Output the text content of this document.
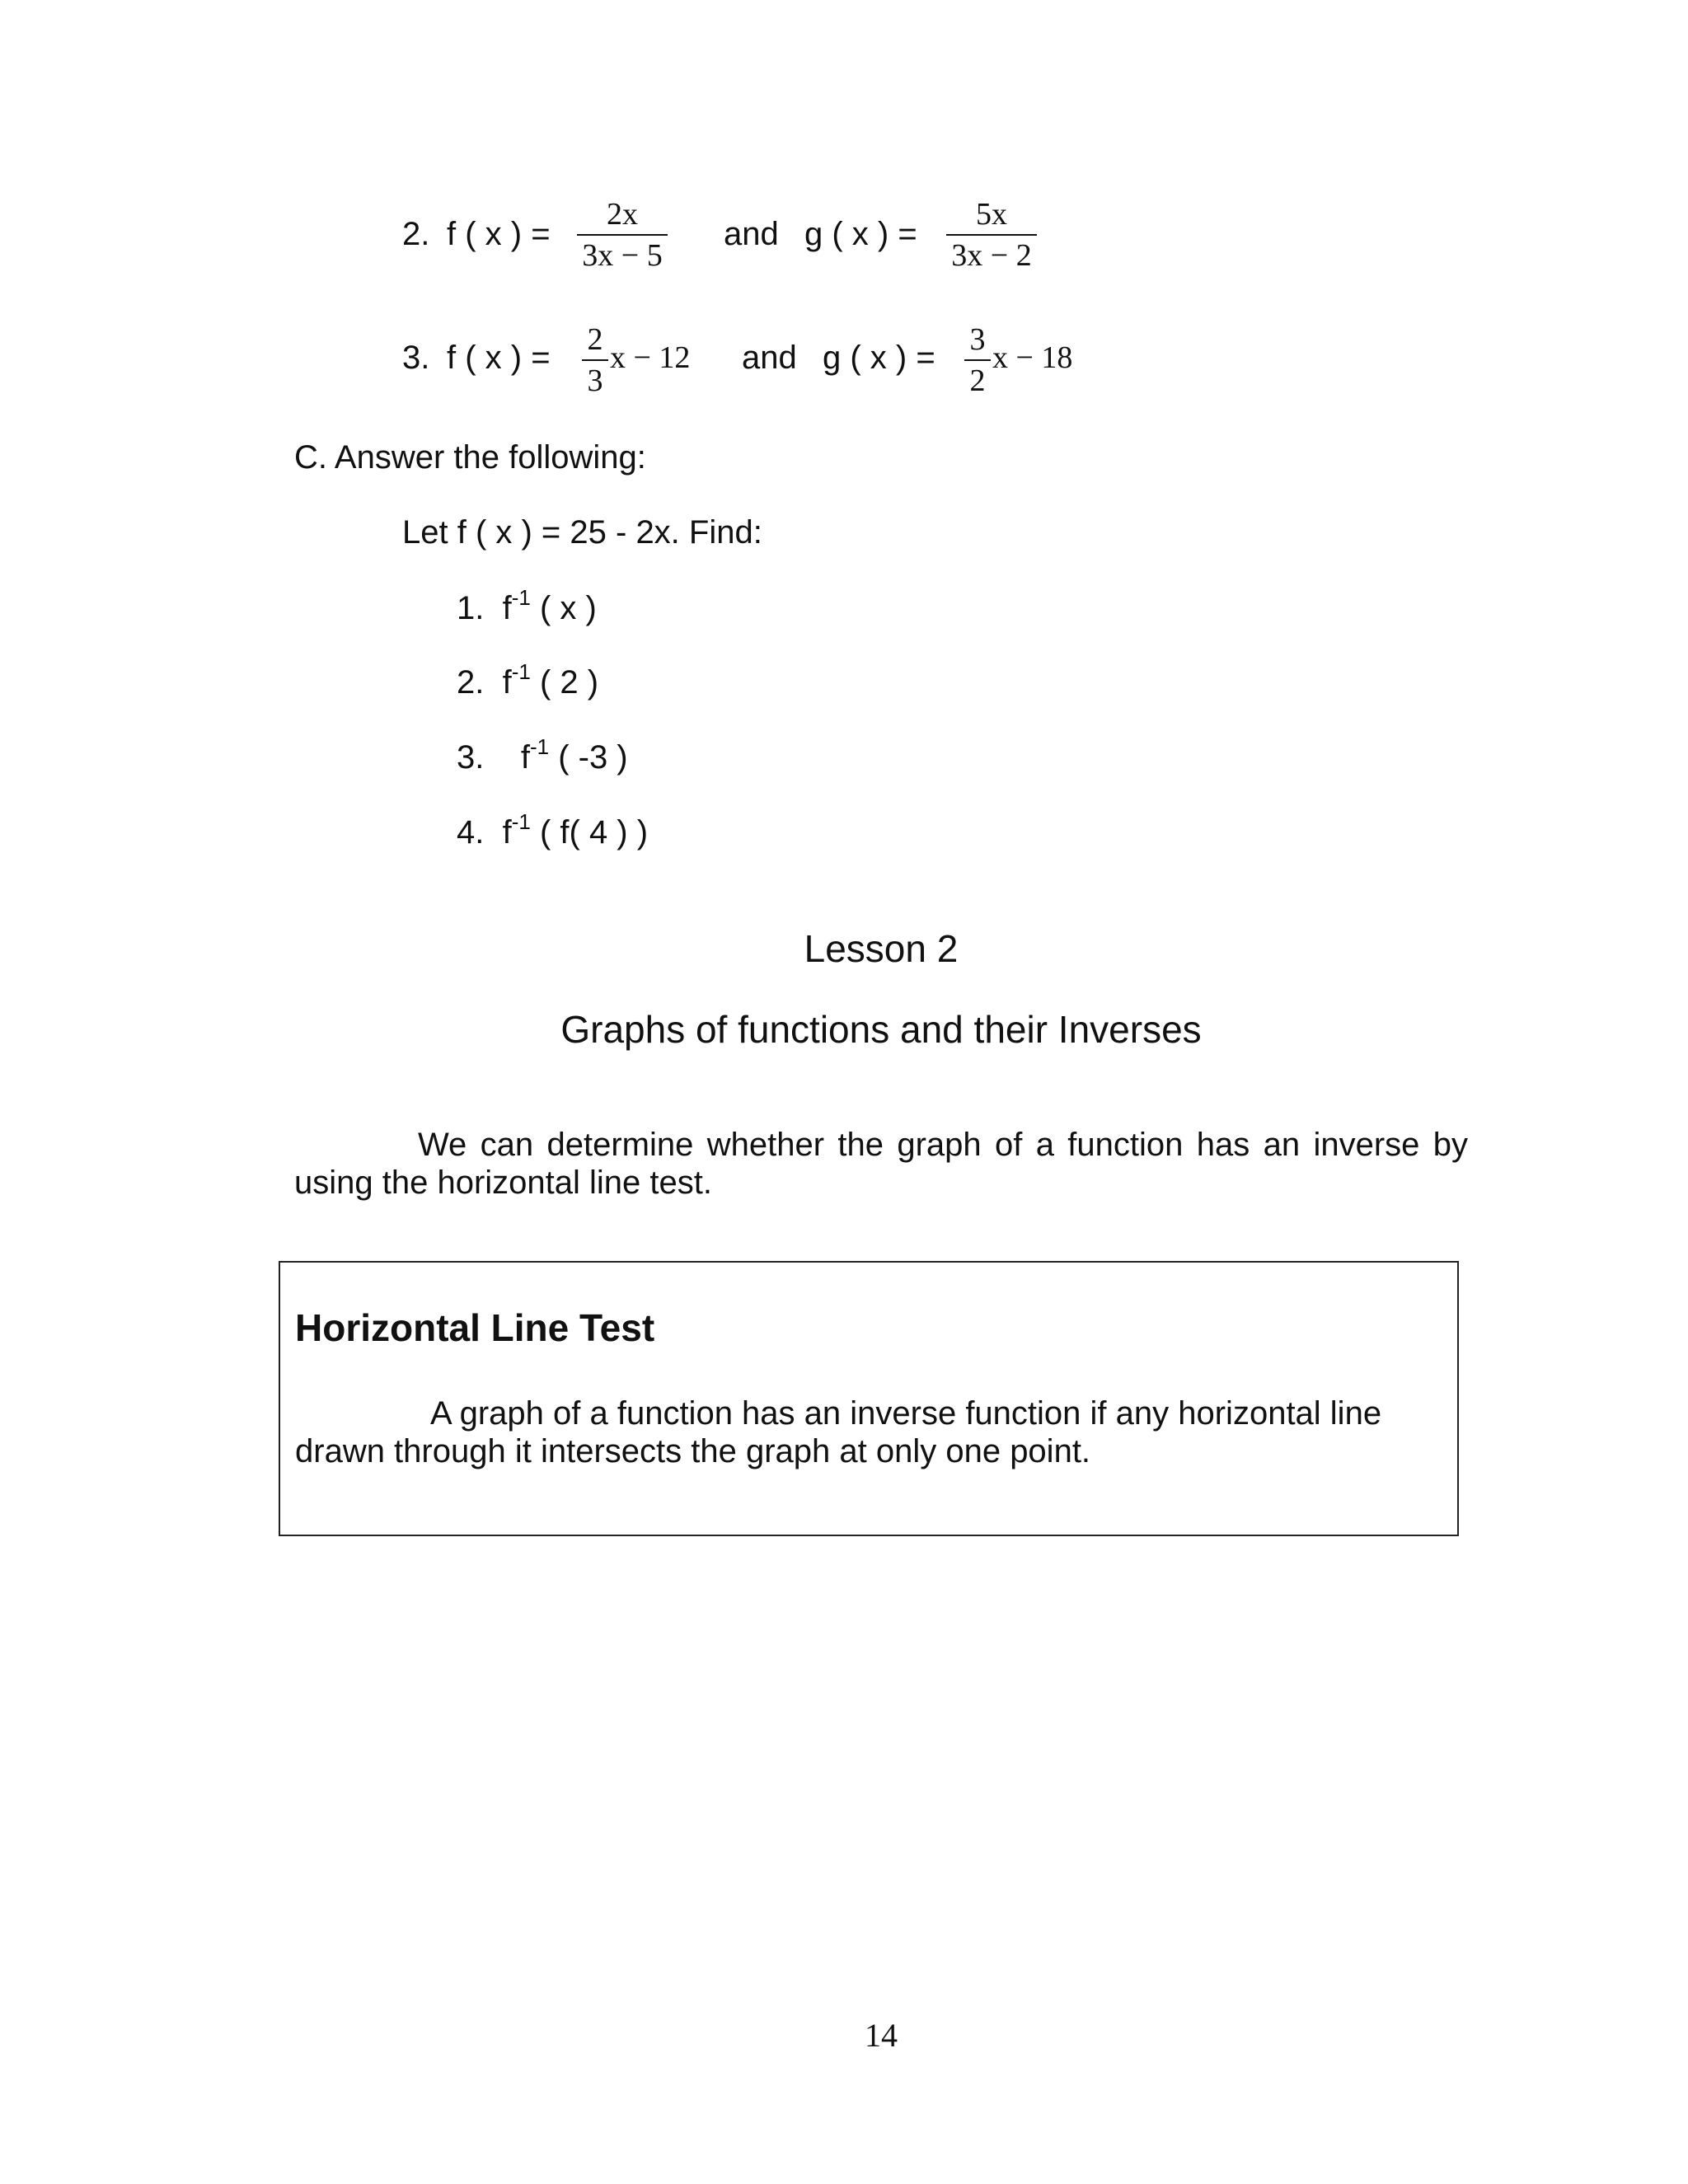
2. f ( x ) =
2x
3x − 5
and g ( x ) =
5x
3x − 2
3. f ( x ) = 2
3
x − 12 and g ( x ) = 3
2
x − 18
C. Answer the following:
Let f ( x ) = 25 - 2x. Find:
1. $f^{-1}$ ( x )
2. $f^{-1}$ ( 2 )
3. $f^{-1}$ ( -3 )
4. $f^{-1}$ ( f( 4 ) )
Lesson 2
Graphs of functions and their Inverses
We can determine whether the graph of a function has an inverse by using the horizontal line test.
Horizontal Line Test
A graph of a function has an inverse function if any horizontal line drawn through it intersects the graph at only one point.
14
